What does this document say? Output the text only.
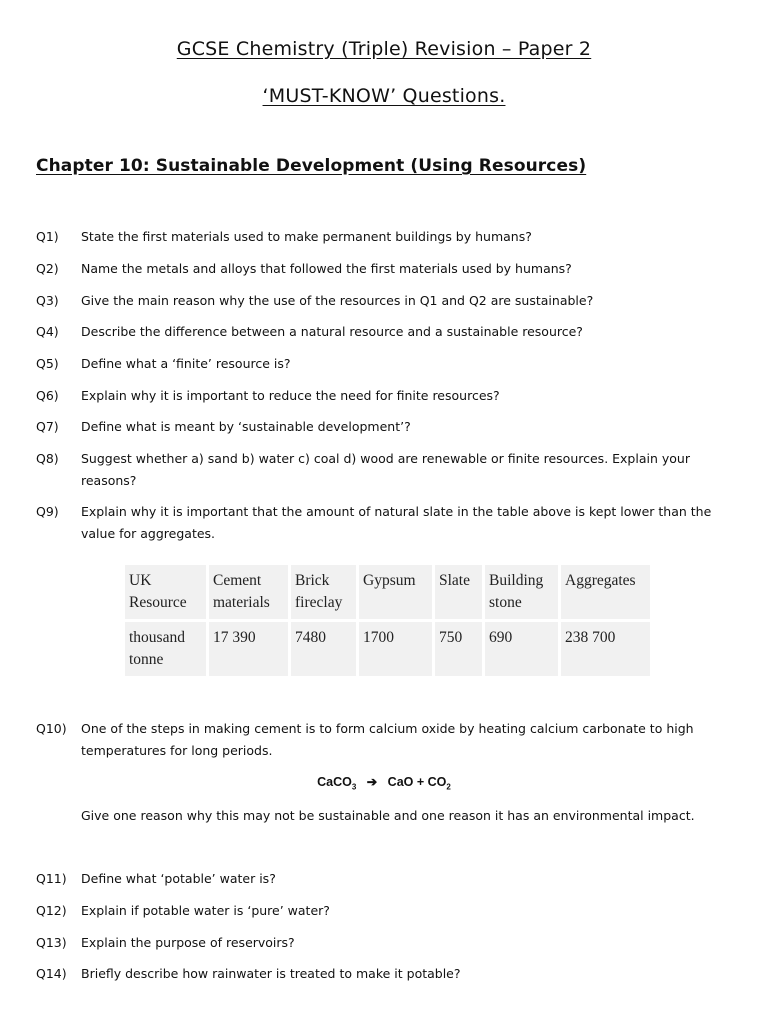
GCSE Chemistry (Triple) Revision – Paper 2
‘MUST-KNOW’ Questions.
Chapter 10: Sustainable Development (Using Resources)
Q1) State the first materials used to make permanent buildings by humans?
Q2) Name the metals and alloys that followed the first materials used by humans?
Q3) Give the main reason why the use of the resources in Q1 and Q2 are sustainable?
Q4) Describe the difference between a natural resource and a sustainable resource?
Q5) Define what a ‘finite’ resource is?
Q6) Explain why it is important to reduce the need for finite resources?
Q7) Define what is meant by ‘sustainable development’?
Q8) Suggest whether a) sand b) water c) coal d) wood are renewable or finite resources. Explain your reasons?
Q9) Explain why it is important that the amount of natural slate in the table above is kept lower than the value for aggregates.
UK Resource	Cement materials	Brick fireclay	Gypsum	Slate	Building stone	Aggregates
thousand tonne	17 390	7480	1700	750	690	238 700
Q10) One of the steps in making cement is to form calcium oxide by heating calcium carbonate to high temperatures for long periods.
CaCO$_3$ ➔ CaO + $CO_2$
Give one reason why this may not be sustainable and one reason it has an environmental impact.
Q11) Define what ‘potable’ water is?
Q12) Explain if potable water is ‘pure’ water?
Q13) Explain the purpose of reservoirs?
Q14) Briefly describe how rainwater is treated to make it potable?
